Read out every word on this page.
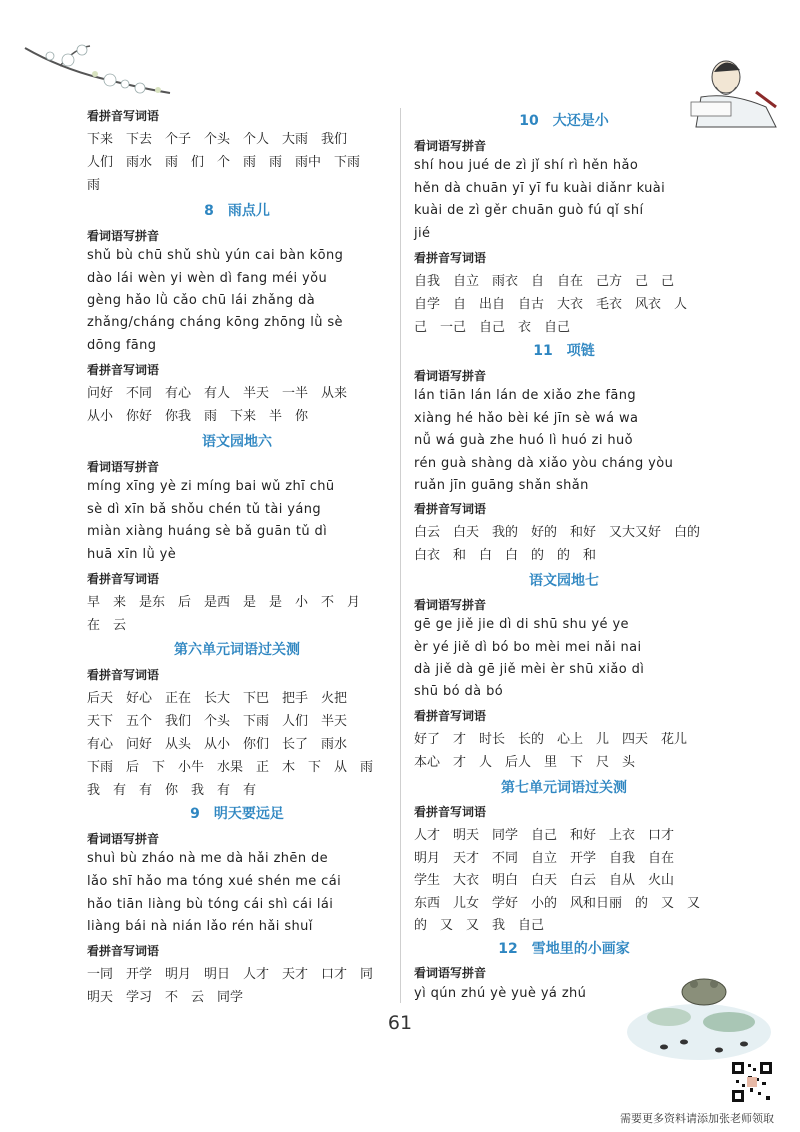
看拼音写词语
下来　下去　个子　个头　个人　大雨　我们
人们　雨水　雨　们　个　雨　雨　雨中　下雨
雨
8　雨点儿
看词语写拼音
shǔ bù chū shǔ shù yún cai bàn kōng
dào lái wèn yi wèn dì fang méi yǒu
gèng hǎo lǜ cǎo chū lái zhǎng dà
zhǎng/cháng cháng kōng zhōng lǜ sè
dōng fāng
看拼音写词语
问好　不同　有心　有人　半天　一半　从来
从小　你好　你我　雨　下来　半　你
语文园地六
看词语写拼音
míng xīng yè zi míng bai wǔ zhī chū
sè dì xīn bǎ shǒu chén tǔ tài yáng
miàn xiàng huáng sè bǎ guān tǔ dì
huā xīn lǜ yè
看拼音写词语
早　来　是东　后　是西　是　是　小　不　月
在　云
第六单元词语过关测
看拼音写词语
后天　好心　正在　长大　下巴　把手　火把
天下　五个　我们　个头　下雨　人们　半天
有心　问好　从头　从小　你们　长了　雨水
下雨　后　下　小牛　水果　正　木　下　从　雨
我　有　有　你　我　有　有
9　明天要远足
看词语写拼音
shuì bù zháo nà me dà hǎi zhēn de
lǎo shī hǎo ma tóng xué shén me cái
hǎo tiān liàng bù tóng cái shì cái lái
liàng bái nà nián lǎo rén hǎi shuǐ
看拼音写词语
一同　开学　明月　明日　人才　天才　口才　同
明天　学习　不　云　同学
10　大还是小
看词语写拼音
shí hou jué de zì jǐ shí rì hěn hǎo
hěn dà chuān yī yī fu kuài diǎnr kuài
kuài de zì gěr chuān guò fú qǐ shí
jié
看拼音写词语
自我　自立　雨衣　自　自在　己方　己　己
自学　自　出自　自古　大衣　毛衣　风衣　人
己　一己　自己　衣　自己
11　项链
看词语写拼音
lán tiān lán lán de xiǎo zhe fāng
xiàng hé hǎo bèi ké jīn sè wá wa
nǚ wá guà zhe huó lì huó zi huǒ
rén guà shàng dà xiǎo yòu cháng yòu
ruǎn jīn guāng shǎn shǎn
看拼音写词语
白云　白天　我的　好的　和好　又大又好　白的
白衣　和　白　白　的　的　和
语文园地七
看词语写拼音
gē ge jiě jie dì di shū shu yé ye
èr yé jiě dì bó bo mèi mei nǎi nai
dà jiě dà gē jiě mèi èr shū xiǎo dì
shū bó dà bó
看拼音写词语
好了　才　时长　长的　心上　儿　四天　花儿
本心　才　人　后人　里　下　尺　头
第七单元词语过关测
看拼音写词语
人才　明天　同学　自己　和好　上衣　口才
明月　天才　不同　自立　开学　自我　自在
学生　大衣　明白　白天　白云　自从　火山
东西　儿女　学好　小的　风和日丽　的　又　又
的　又　又　我　自己
12　雪地里的小画家
看词语写拼音
yì qún zhú yè yuè yá zhú
61
需要更多资料请添加张老师领取
